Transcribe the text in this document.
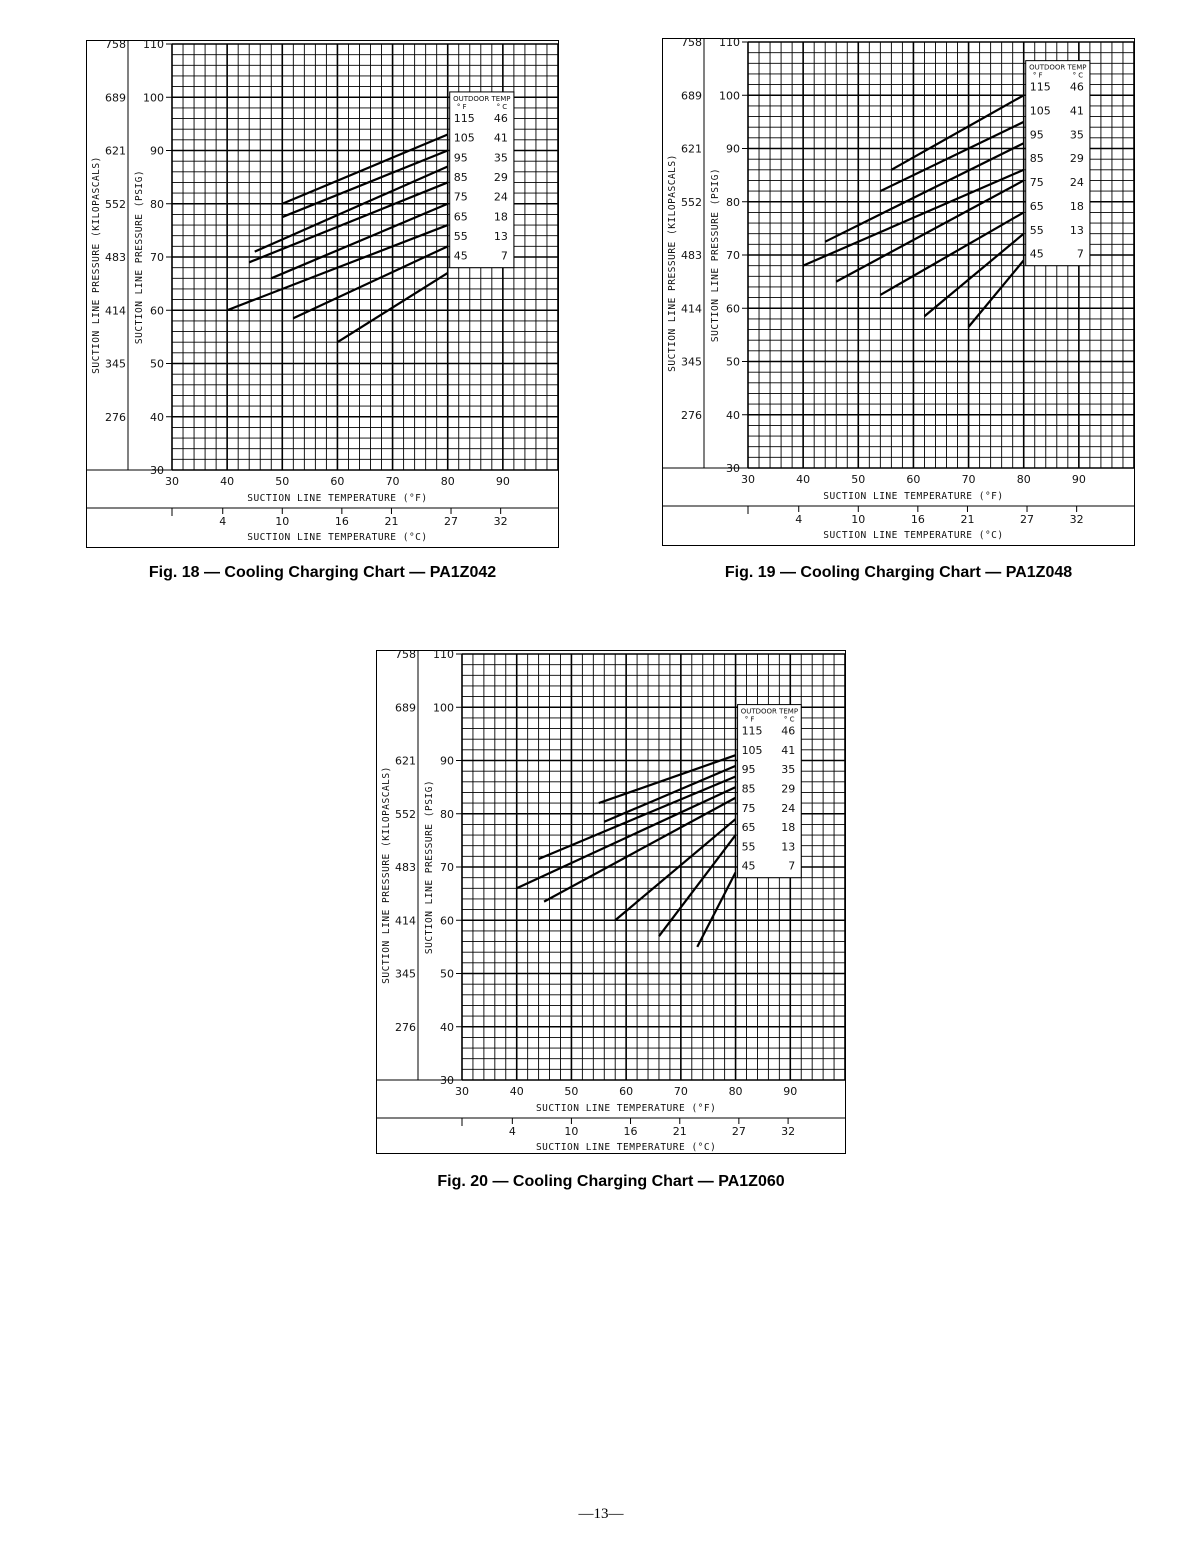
30
40
50
60
70
80
90
100
110
276
345
414
483
552
621
689
758
SUCTION LINE PRESSURE (PSIG)
SUCTION LINE PRESSURE (KILOPASCALS)
30	40	50	60	70	80	90
SUCTION LINE TEMPERATURE (°F)
4	10	16	21	27	32
SUCTION LINE TEMPERATURE (°C)
OUTDOOR TEMP
° F	° C
115 46
105 41
95 35
85 29
75 24
65 18
55 13
45	7
Fig. 18 — Cooling Charging Chart — PA1Z042
30
40
50
60
70
80
90
100
110
276
345
414
483
552
621
689
758
SUCTION LINE PRESSURE (PSIG)
SUCTION LINE PRESSURE (KILOPASCALS)
30	40	50	60	70	80	90
SUCTION LINE TEMPERATURE (°F)
4	10	16	21	27	32
SUCTION LINE TEMPERATURE (°C)
OUTDOOR TEMP
° F	° C
115 46
105 41
95 35
85 29
75 24
65 18
55 13
45	7
Fig. 19 — Cooling Charging Chart — PA1Z048
30
40
50
60
70
80
90
100
110
276
345
414
483
552
621
689
758
SUCTION LINE PRESSURE (PSIG)
SUCTION LINE PRESSURE (KILOPASCALS)
30	40	50	60	70	80	90
SUCTION LINE TEMPERATURE (°F)
4	10	16	21	27	32
SUCTION LINE TEMPERATURE (°C)
OUTDOOR TEMP
° F	° C
115 46
105 41
95 35
85 29
75 24
65 18
55 13
45	7
Fig. 20 — Cooling Charging Chart — PA1Z060
—13—
